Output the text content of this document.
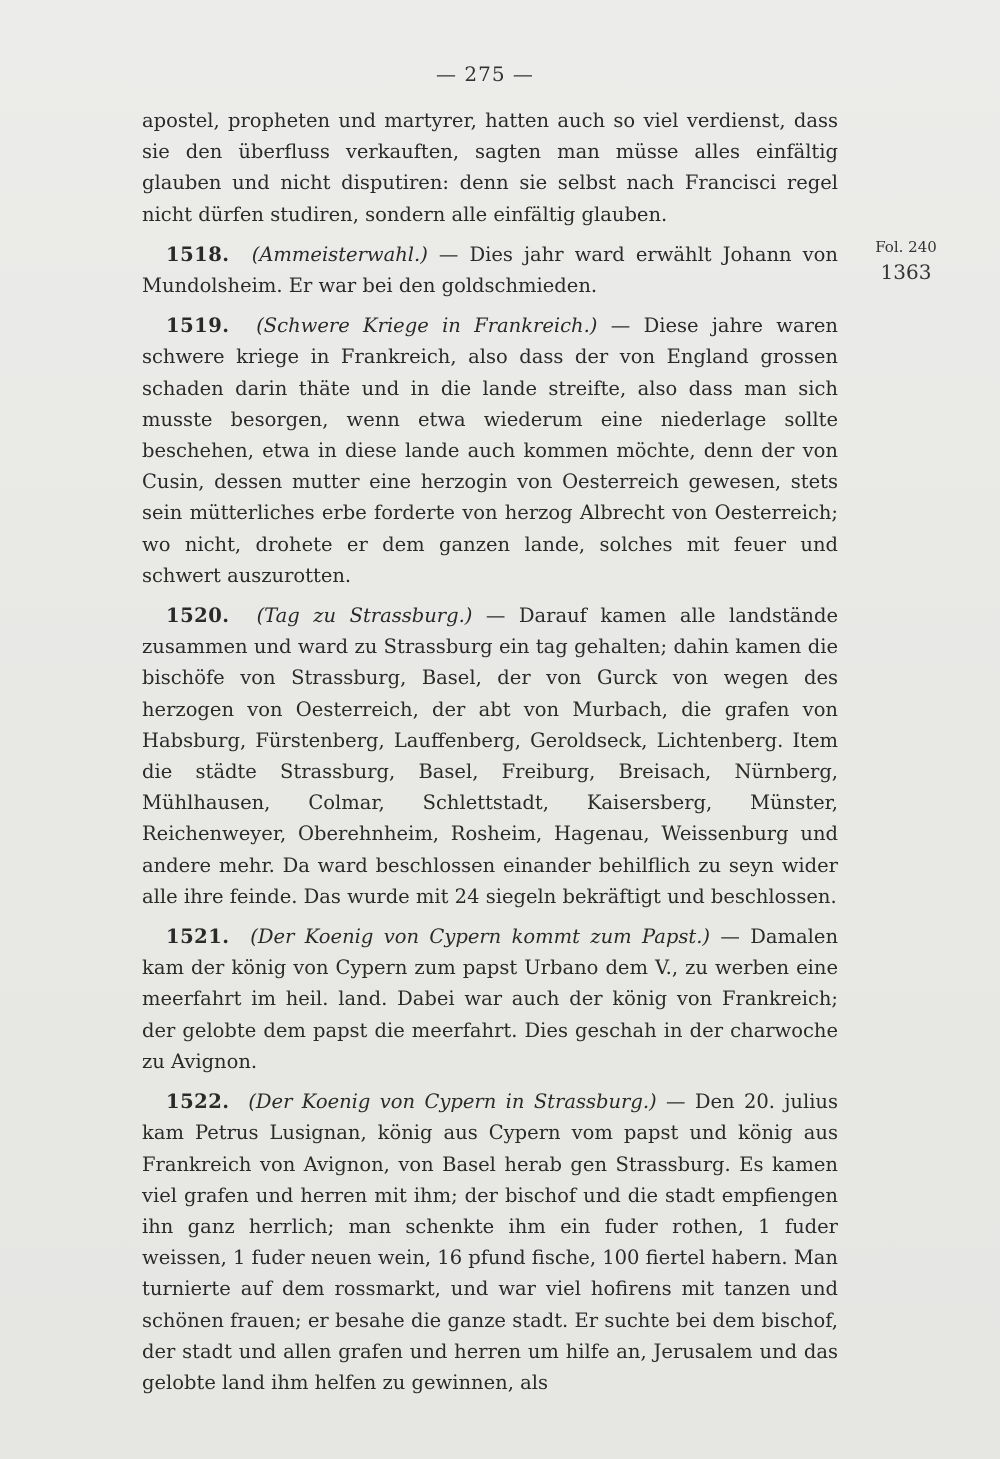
— 275 —
Fol. 240
1363

apostel, propheten und martyrer, hatten auch so viel verdienst, dass sie den überfluss verkauften, sagten man müsse alles einfältig glauben und nicht disputiren: denn sie selbst nach Francisci regel nicht dürfen studiren, sondern alle einfältig glauben.

1518. (Ammeisterwahl.) — Dies jahr ward erwählt Johann von Mundolsheim. Er war bei den goldschmieden.

1519. (Schwere Kriege in Frankreich.) — Diese jahre waren schwere kriege in Frankreich, also dass der von England grossen schaden darin thäte und in die lande streifte, also dass man sich musste besorgen, wenn etwa wiederum eine niederlage sollte beschehen, etwa in diese lande auch kommen möchte, denn der von Cusin, dessen mutter eine herzogin von Oesterreich gewesen, stets sein mütterliches erbe forderte von herzog Albrecht von Oesterreich; wo nicht, drohete er dem ganzen lande, solches mit feuer und schwert auszurotten.

1520. (Tag zu Strassburg.) — Darauf kamen alle landstände zusammen und ward zu Strassburg ein tag gehalten; dahin kamen die bischöfe von Strassburg, Basel, der von Gurck von wegen des herzogen von Oesterreich, der abt von Murbach, die grafen von Habsburg, Fürstenberg, Lauffenberg, Geroldseck, Lichtenberg. Item die städte Strassburg, Basel, Freiburg, Breisach, Nürnberg, Mühlhausen, Colmar, Schlettstadt, Kaisersberg, Münster, Reichenweyer, Oberehnheim, Rosheim, Hagenau, Weissenburg und andere mehr. Da ward beschlossen einander behilflich zu seyn wider alle ihre feinde. Das wurde mit 24 siegeln bekräftigt und beschlossen.

1521. (Der Koenig von Cypern kommt zum Papst.) — Damalen kam der könig von Cypern zum papst Urbano dem V., zu werben eine meerfahrt im heil. land. Dabei war auch der könig von Frankreich; der gelobte dem papst die meerfahrt. Dies geschah in der charwoche zu Avignon.

1522. (Der Koenig von Cypern in Strassburg.) — Den 20. julius kam Petrus Lusignan, könig aus Cypern vom papst und könig aus Frankreich von Avignon, von Basel herab gen Strassburg. Es kamen viel grafen und herren mit ihm; der bischof und die stadt empfiengen ihn ganz herrlich; man schenkte ihm ein fuder rothen, 1 fuder weissen, 1 fuder neuen wein, 16 pfund fische, 100 fiertel habern. Man turnierte auf dem rossmarkt, und war viel hofirens mit tanzen und schönen frauen; er besahe die ganze stadt. Er suchte bei dem bischof, der stadt und allen grafen und herren um hilfe an, Jerusalem und das gelobte land ihm helfen zu gewinnen, als
